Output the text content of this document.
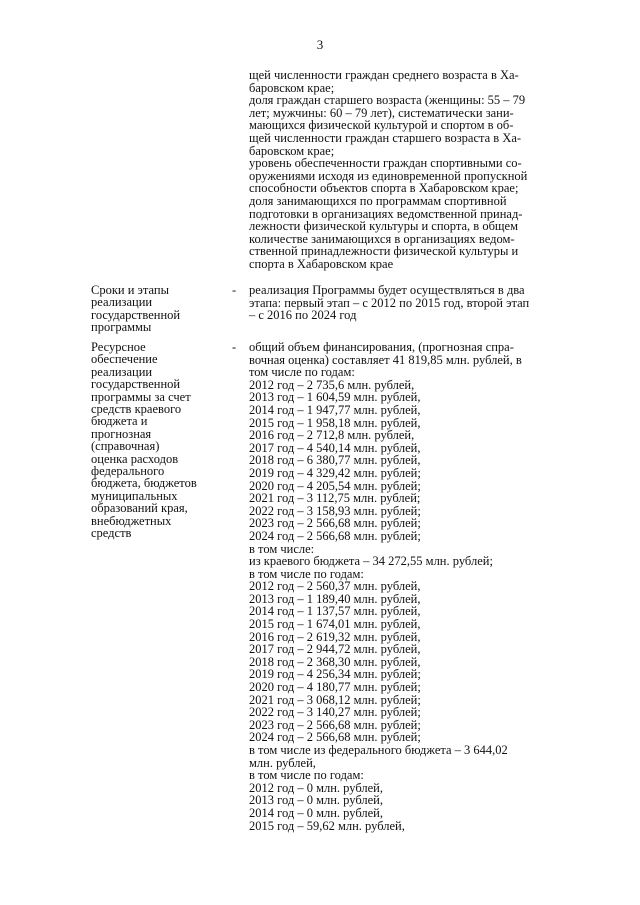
3
щей численности граждан среднего возраста в Ха-
баровском крае;
доля граждан старшего возраста (женщины: 55 – 79
лет; мужчины: 60 – 79 лет), систематически зани-
мающихся физической культурой и спортом в об-
щей численности граждан старшего возраста в Ха-
баровском крае;
уровень обеспеченности граждан спортивными со-
оружениями исходя из единовременной пропускной
способности объектов спорта в Хабаровском крае;
доля занимающихся по программам спортивной
подготовки в организациях ведомственной принад-
лежности физической культуры и спорта, в общем
количестве занимающихся в организациях ведом-
ственной принадлежности физической культуры и
спорта в Хабаровском крае
Сроки и этапы
реализации
государственной
программы
- реализация Программы будет осуществляться в два
этапа: первый этап – с 2012 по 2015 год, второй этап
– с 2016 по 2024 год
Ресурсное
обеспечение
реализации
государственной
программы за счет
средств краевого
бюджета и
прогнозная
(справочная)
оценка расходов
федерального
бюджета, бюджетов
муниципальных
образований края,
внебюджетных
средств
- общий объем финансирования, (прогнозная спра-
вочная оценка) составляет 41 819,85 млн. рублей, в
том числе по годам:
2012 год – 2 735,6 млн. рублей,
2013 год – 1 604,59 млн. рублей,
2014 год – 1 947,77 млн. рублей,
2015 год – 1 958,18 млн. рублей,
2016 год – 2 712,8 млн. рублей,
2017 год – 4 540,14 млн. рублей,
2018 год – 6 380,77 млн. рублей,
2019 год – 4 329,42 млн. рублей;
2020 год – 4 205,54 млн. рублей;
2021 год – 3 112,75 млн. рублей;
2022 год – 3 158,93 млн. рублей;
2023 год – 2 566,68 млн. рублей;
2024 год – 2 566,68 млн. рублей;
в том числе:
из краевого бюджета – 34 272,55 млн. рублей;
в том числе по годам:
2012 год – 2 560,37 млн. рублей,
2013 год – 1 189,40 млн. рублей,
2014 год – 1 137,57 млн. рублей,
2015 год – 1 674,01 млн. рублей,
2016 год – 2 619,32 млн. рублей,
2017 год – 2 944,72 млн. рублей,
2018 год – 2 368,30 млн. рублей,
2019 год – 4 256,34 млн. рублей;
2020 год – 4 180,77 млн. рублей;
2021 год – 3 068,12 млн. рублей;
2022 год – 3 140,27 млн. рублей;
2023 год – 2 566,68 млн. рублей;
2024 год – 2 566,68 млн. рублей;
в том числе из федерального бюджета – 3 644,02
млн. рублей,
в том числе по годам:
2012 год – 0 млн. рублей,
2013 год – 0 млн. рублей,
2014 год – 0 млн. рублей,
2015 год – 59,62 млн. рублей,
